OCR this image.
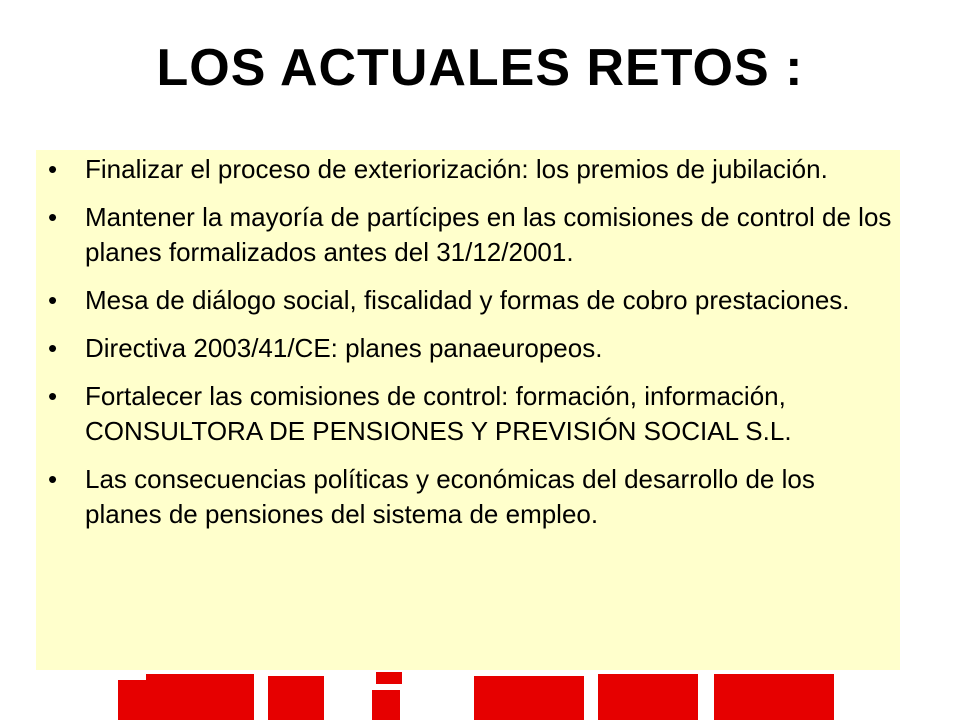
LOS ACTUALES RETOS :
• Finalizar el proceso de exteriorización: los premios de jubilación.
• Mantener la mayoría de partícipes en las comisiones de control de los planes formalizados antes del 31/12/2001.
• Mesa de diálogo social, fiscalidad y formas de cobro prestaciones.
• Directiva 2003/41/CE: planes panaeuropeos.
• Fortalecer las comisiones de control: formación, información, CONSULTORA DE PENSIONES Y PREVISIÓN SOCIAL S.L.
• Las consecuencias políticas y económicas del desarrollo de los planes de pensiones del sistema de empleo.
